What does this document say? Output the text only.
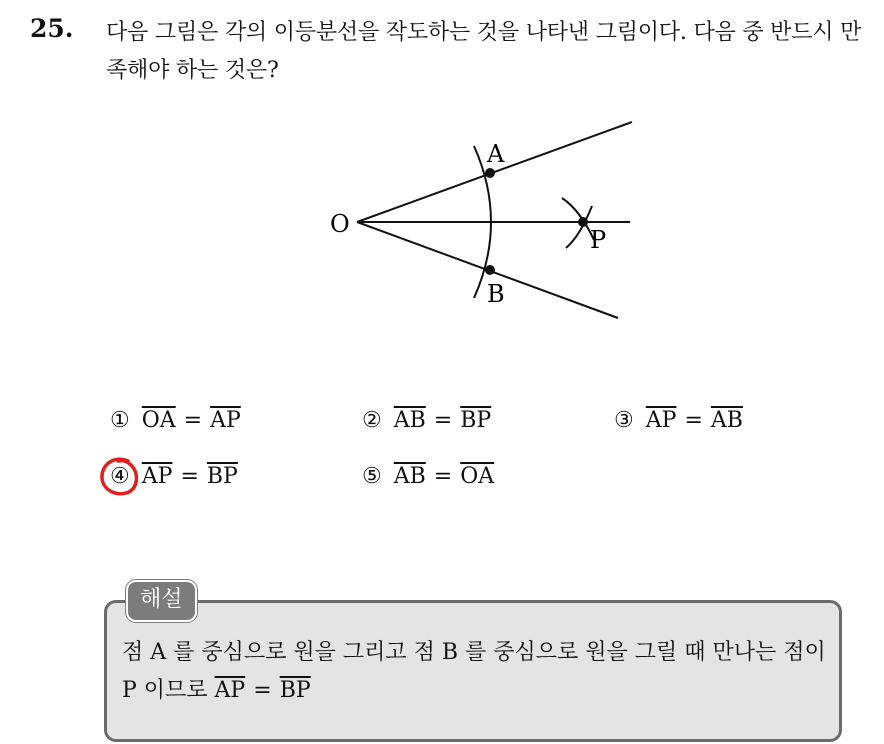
25. 다음 그림은 각의 이등분선을 작도하는 것을 나타낸 그림이다. 다음 중 반드시 만족해야 하는 것은?
O
A
B
P
① $\overline{OA} = \overline{AP}$	② $\overline{AB} = \overline{BP}$	③ $\overline{AP} = \overline{AB}$
④ $\overline{AP} = \overline{BP}$	⑤ $\overline{AB} = \overline{OA}$
해설
점 A 를 중심으로 원을 그리고 점 B 를 중심으로 원을 그릴 때 만나는 점이 P 이므로 $\overline{AP} = \overline{BP}$
